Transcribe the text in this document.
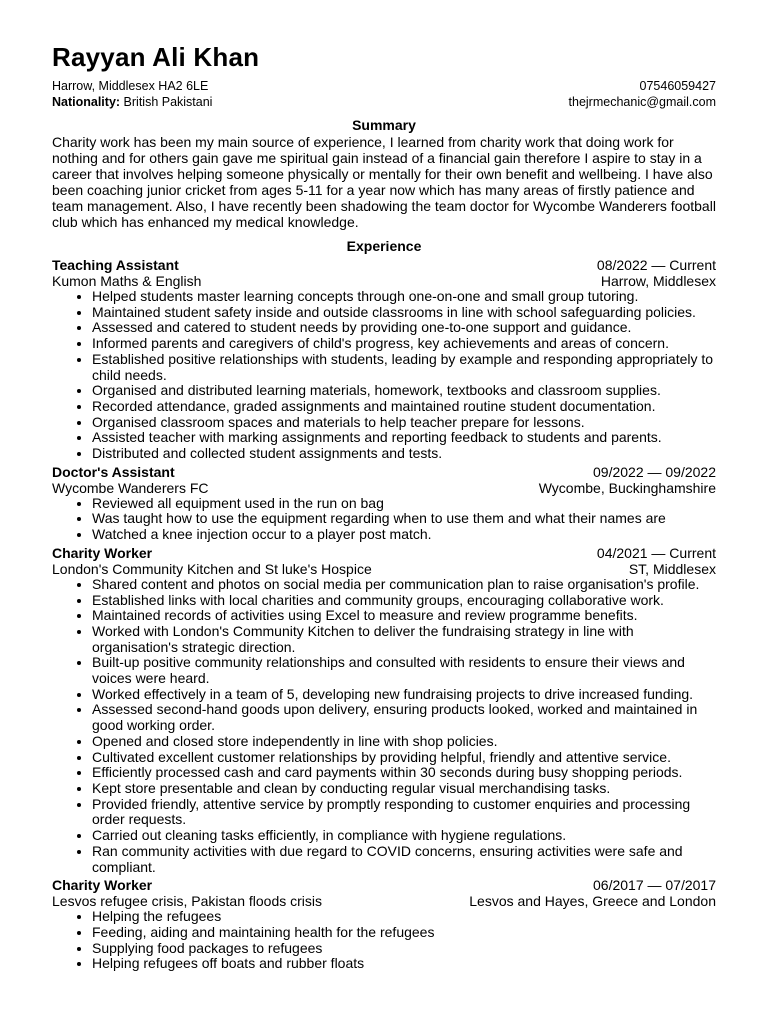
Rayyan Ali Khan
Harrow, Middlesex HA2 6LE	07546059427
Nationality: British Pakistani	thejrmechanic@gmail.com
Summary

Charity work has been my main source of experience, I learned from charity work that doing work for nothing and for others gain gave me spiritual gain instead of a financial gain therefore I aspire to stay in a career that involves helping someone physically or mentally for their own benefit and wellbeing. I have also been coaching junior cricket from ages 5-11 for a year now which has many areas of firstly patience and team management. Also, I have recently been shadowing the team doctor for Wycombe Wanderers football club which has enhanced my medical knowledge.

Experience
Teaching Assistant	08/2022 — Current
Kumon Maths & English	Harrow, Middlesex
• Helped students master learning concepts through one-on-one and small group tutoring.
• Maintained student safety inside and outside classrooms in line with school safeguarding policies.
• Assessed and catered to student needs by providing one-to-one support and guidance.
• Informed parents and caregivers of child's progress, key achievements and areas of concern.
• Established positive relationships with students, leading by example and responding appropriately to child needs.
• Organised and distributed learning materials, homework, textbooks and classroom supplies.
• Recorded attendance, graded assignments and maintained routine student documentation.
• Organised classroom spaces and materials to help teacher prepare for lessons.
• Assisted teacher with marking assignments and reporting feedback to students and parents.
• Distributed and collected student assignments and tests.
Doctor's Assistant	09/2022 — 09/2022
Wycombe Wanderers FC	Wycombe, Buckinghamshire
• Reviewed all equipment used in the run on bag
• Was taught how to use the equipment regarding when to use them and what their names are
• Watched a knee injection occur to a player post match.
Charity Worker	04/2021 — Current
London's Community Kitchen and St luke's Hospice	ST, Middlesex
• Shared content and photos on social media per communication plan to raise organisation's profile.
• Established links with local charities and community groups, encouraging collaborative work.
• Maintained records of activities using Excel to measure and review programme benefits.
• Worked with London's Community Kitchen to deliver the fundraising strategy in line with organisation's strategic direction.
• Built-up positive community relationships and consulted with residents to ensure their views and voices were heard.
• Worked effectively in a team of 5, developing new fundraising projects to drive increased funding.
• Assessed second-hand goods upon delivery, ensuring products looked, worked and maintained in good working order.
• Opened and closed store independently in line with shop policies.
• Cultivated excellent customer relationships by providing helpful, friendly and attentive service.
• Efficiently processed cash and card payments within 30 seconds during busy shopping periods.
• Kept store presentable and clean by conducting regular visual merchandising tasks.
• Provided friendly, attentive service by promptly responding to customer enquiries and processing order requests.
• Carried out cleaning tasks efficiently, in compliance with hygiene regulations.
• Ran community activities with due regard to COVID concerns, ensuring activities were safe and compliant.
Charity Worker	06/2017 — 07/2017
Lesvos refugee crisis, Pakistan floods crisis	Lesvos and Hayes, Greece and London
• Helping the refugees
• Feeding, aiding and maintaining health for the refugees
• Supplying food packages to refugees
• Helping refugees off boats and rubber floats
